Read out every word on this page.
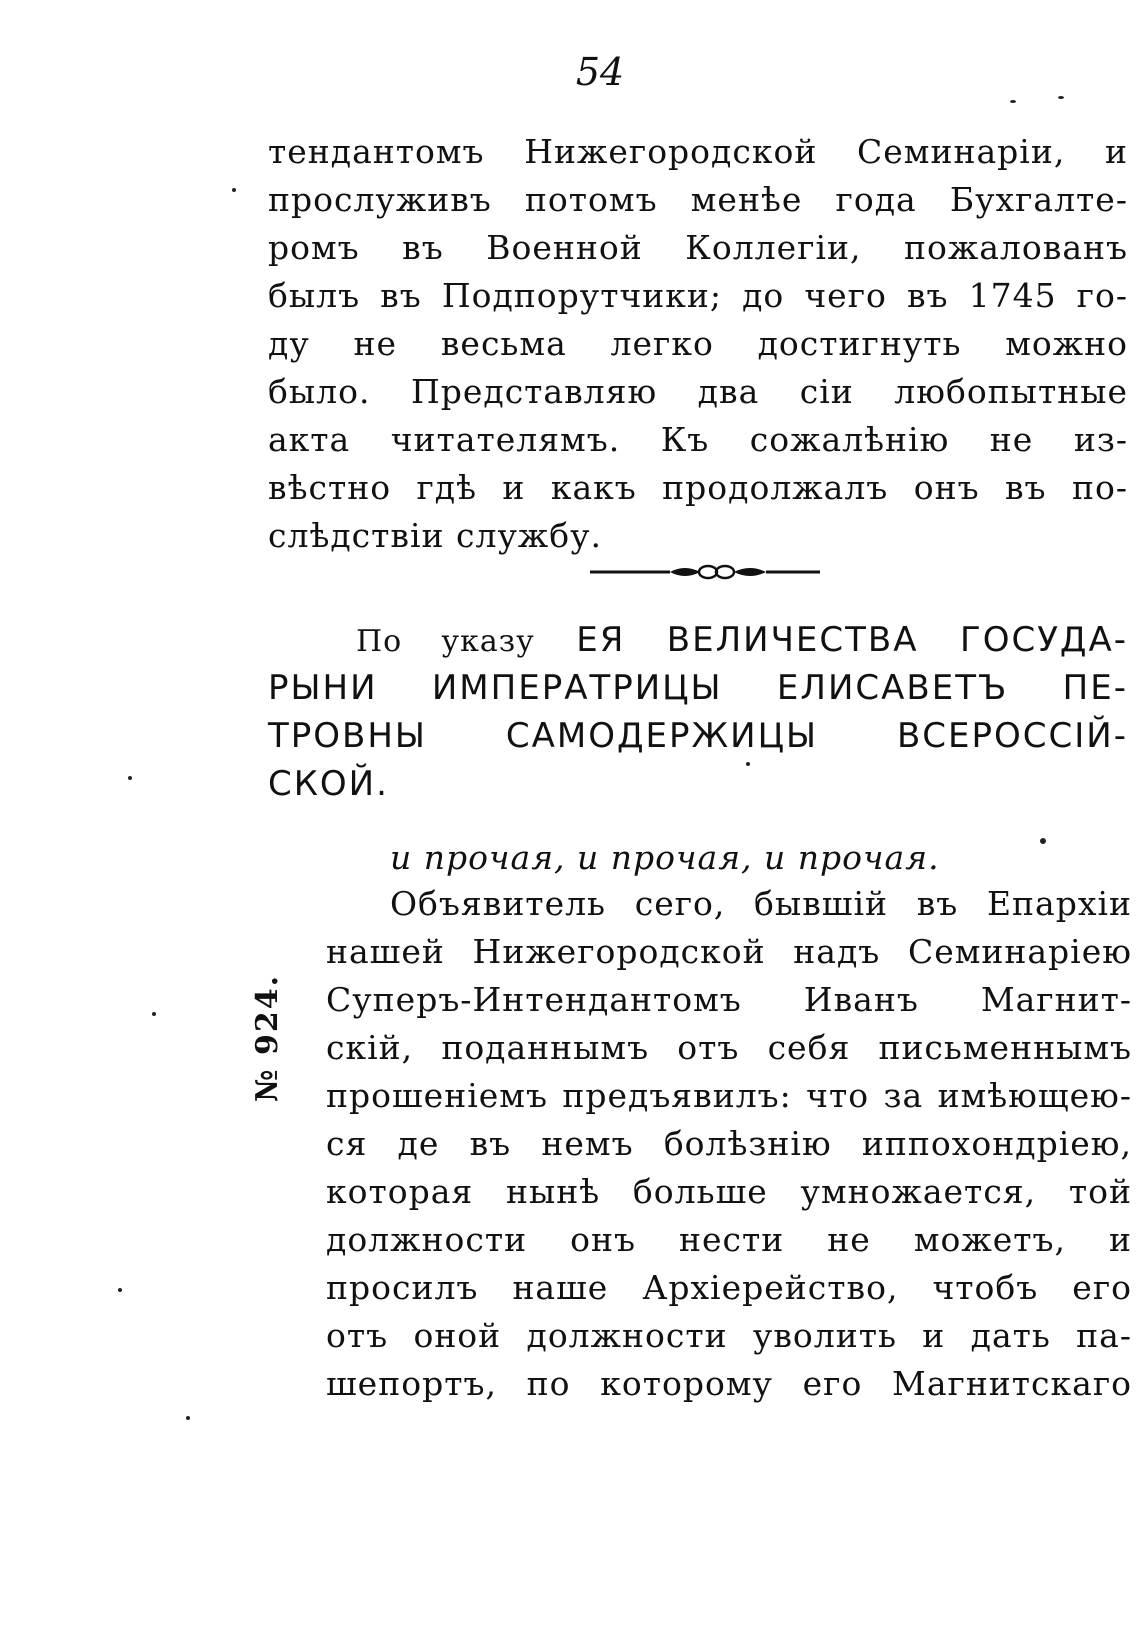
54
тендантомъ Нижегородской Семинаріи, и
прослуживъ потомъ менѣе года Бухгалте-
ромъ въ Военной Коллегіи, пожалованъ
былъ въ Подпорутчики; до чего въ 1745 го-
ду не весьма легко достигнуть можно
было. Представляю два сіи любопытные
акта читателямъ. Къ сожалѣнію не из-
вѣстно гдѣ и какъ продолжалъ онъ въ по-
слѣдствіи службу.
По указу ЕЯ ВЕЛИЧЕСТВА ГОСУДА-
РЫНИ ИМПЕРАТРИЦЫ ЕЛИСАВЕТЪ ПЕ-
ТРОВНЫ САМОДЕРЖИЦЫ ВСЕРОССІЙ-
СКОЙ.
и прочая, и прочая, и прочая.
Объявитель сего, бывшій въ Епархіи
нашей Нижегородской надъ Семинаріею
Суперъ-Интендантомъ Иванъ Магнит-
скій, поданнымъ отъ себя письменнымъ
прошеніемъ предъявилъ: что за имѣющею-
ся де въ немъ болѣзнію иппохондріею,
которая нынѣ больше умножается, той
должности онъ нести не можетъ, и
просилъ наше Архіерейство, чтобъ его
отъ оной должности уволить и дать па-
шепортъ, по которому его Магнитскаго
№ 924.
